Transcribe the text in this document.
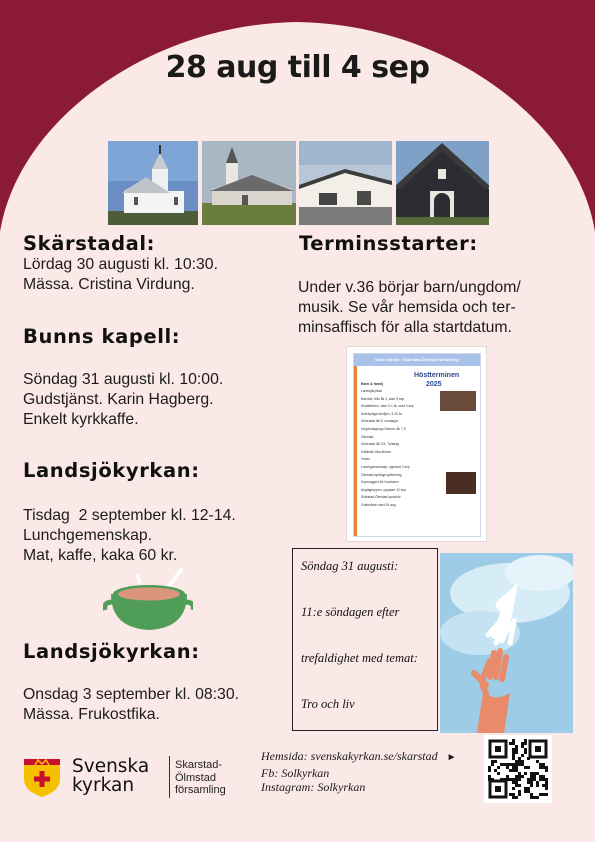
28 aug till 4 sep
Skärstadal:
Lördag 30 augusti kl. 10:30.
Mässa. Cristina Virdung.
Bunns kapell:
Söndag 31 augusti kl. 10:00.
Gudstjänst. Karin Hagberg.
Enkelt kyrkkaffe.
Landsjökyrkan:
Tisdag  2 september kl. 12-14.
Lunchgemenskap.
Mat, kaffe, kaka 60 kr.
Landsjökyrkan:
Onsdag 3 september kl. 08:30.
Mässa. Frukostfika.
Terminsstarter:
Under v.36 börjar barn/ungdom/
musik. Se vår hemsida och ter-
minsaffisch för alla startdatum.
Detta händer i Skärstad-Ölmstad församling
Höstterminen
2025
Barn & familj
Landsjökyrkan
Barnkör, från åk 3, start 3 sep
Knattekören, barn 0-1 år, start 4 sep
Äventyrliga familjen, 3-10 år
Ulvbrudar åk 5, onsdagar
Ungdomsgrupp Deluxe, åk 7-9
Ölmstad
Ulvbrudar åk 3-5, Torsdag
Grillkväll, fika deluxe
Vuxen
Lunchgemenskap, uppstart 2 sep
Ölmstad kyrkliga syförening
Sopmuggen för Kumlaren
Änglagruppen, uppstart 12 sep
Skärstad-Ölmstad kyrkokör
Gubbkören start 26 aug

Söndag 31 augusti:

11:e söndagen efter

trefaldighet med temat:

Tro och liv

Svenska
kyrkan
Skarstad-
Ölmstad
församling
Hemsida: svenskakyrkan.se/skarstad ►
Fb: Solkyrkan
Instagram: Solkyrkan
